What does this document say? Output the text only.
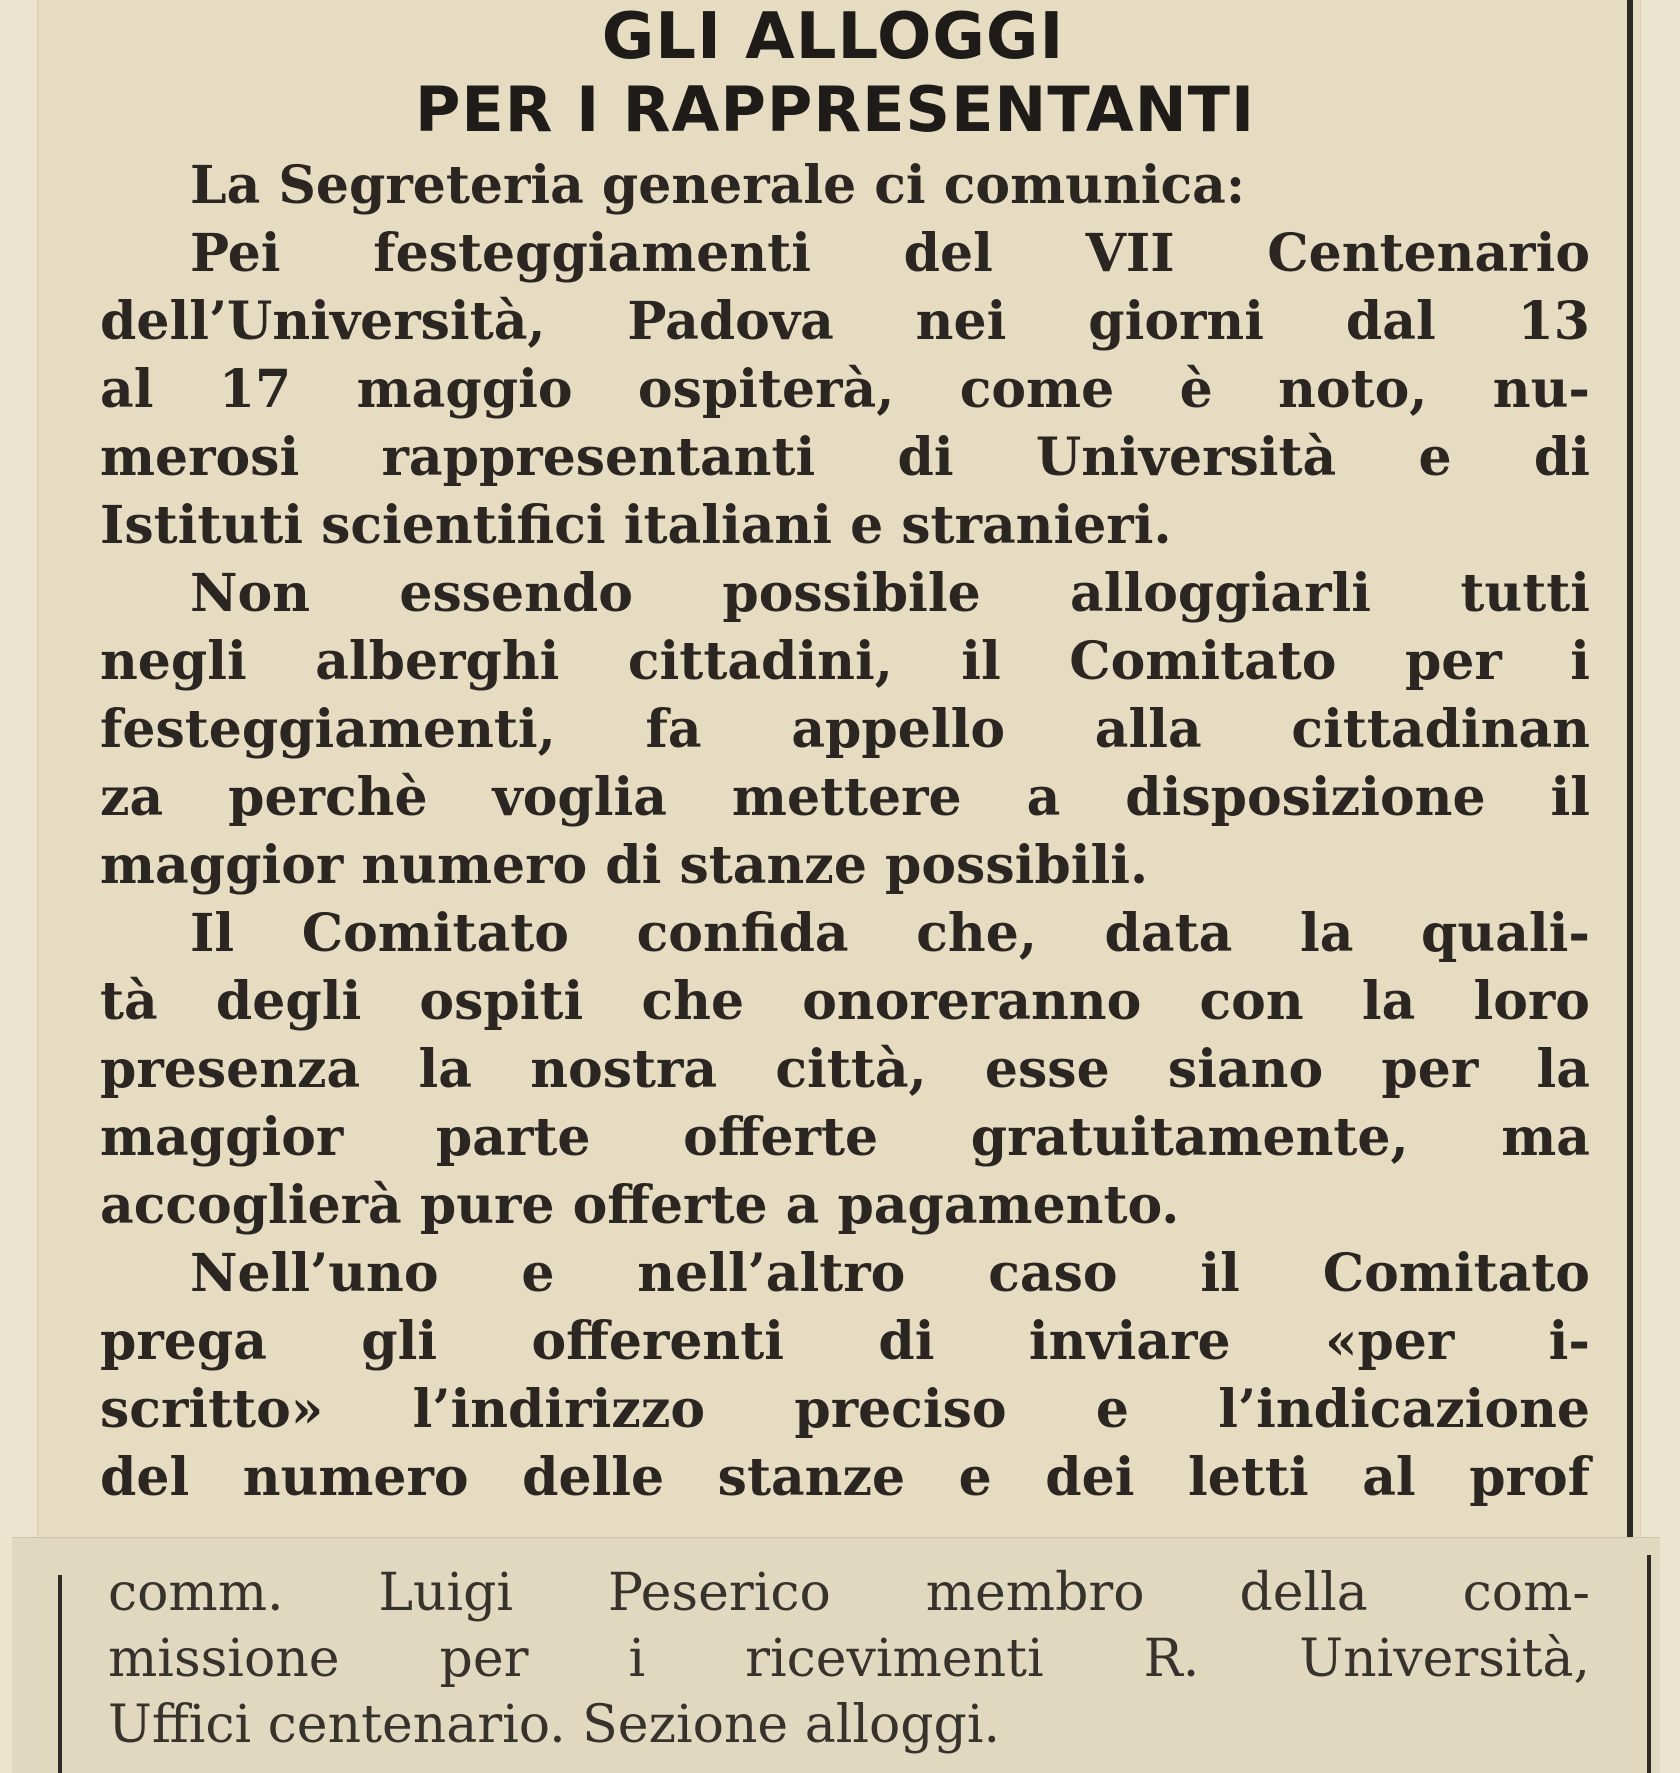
GLI ALLOGGI
PER I RAPPRESENTANTI
La Segreteria generale ci comunica:
Pei festeggiamenti del VII Centenario
dell’Università, Padova nei giorni dal 13
al 17 maggio ospiterà, come è noto, nu-
merosi rappresentanti di Università e di
Istituti scientifici italiani e stranieri.
Non essendo possibile alloggiarli tutti
negli alberghi cittadini, il Comitato per i
festeggiamenti, fa appello alla cittadinan
za perchè voglia mettere a disposizione il
maggior numero di stanze possibili.
Il Comitato confida che, data la quali-
tà degli ospiti che onoreranno con la loro
presenza la nostra città, esse siano per la
maggior parte offerte gratuitamente, ma
accoglierà pure offerte a pagamento.
Nell’uno e nell’altro caso il Comitato
prega gli offerenti di inviare «per i-
scritto» l’indirizzo preciso e l’indicazione
del numero delle stanze e dei letti al prof
comm. Luigi Peserico membro della com-
missione per i ricevimenti R. Università,
Uffici centenario. Sezione alloggi.
